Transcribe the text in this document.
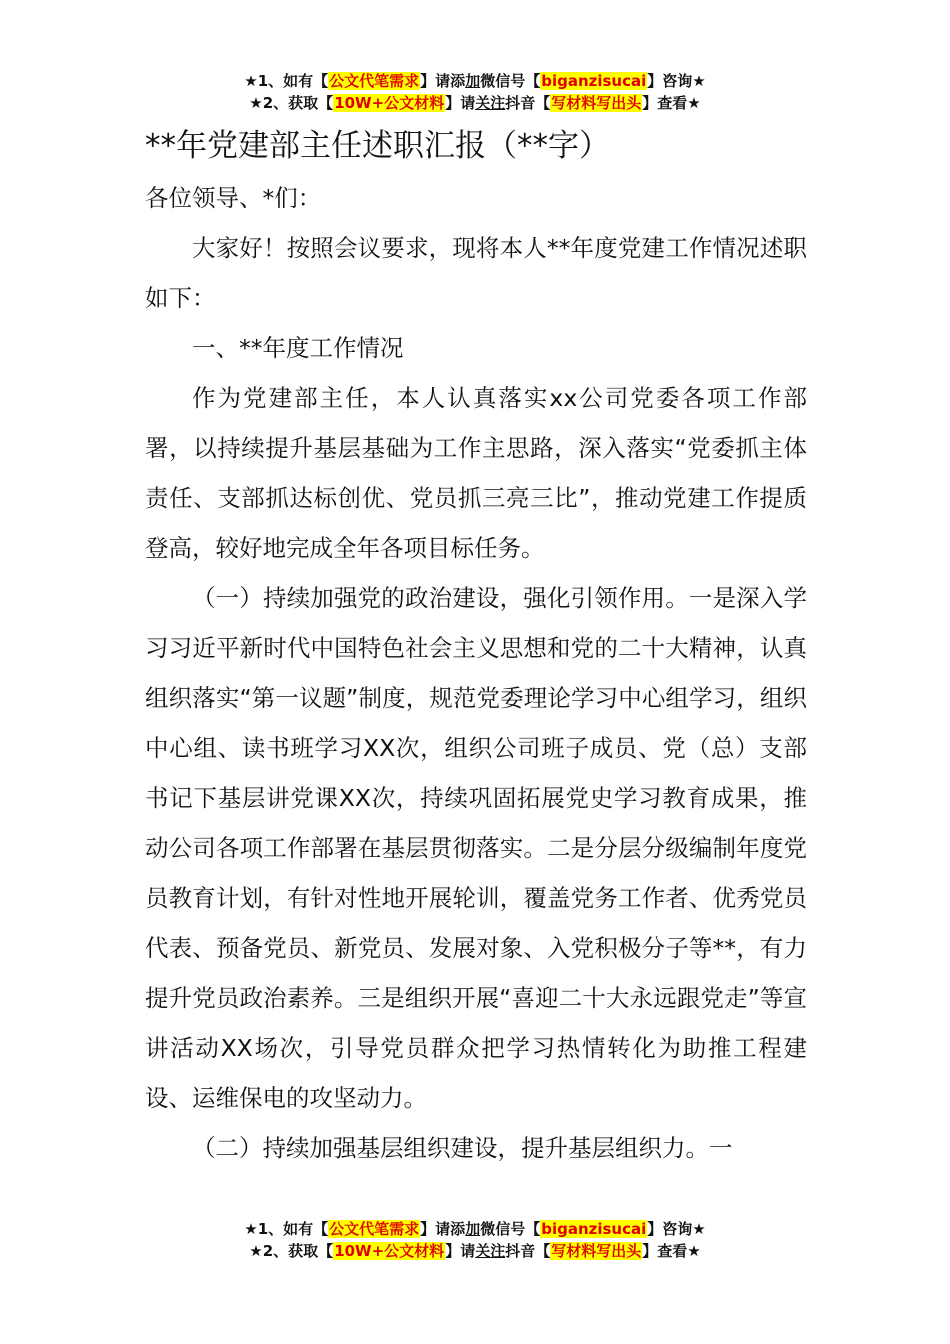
★1、如有【公文代笔需求】请添加微信号【biganzisucai】咨询★
★2、获取【10W+公文材料】请关注抖音【写材料写出头】查看★
**年党建部主任述职汇报（**字）

各位领导、*们：

大家好！按照会议要求，现将本人**年度党建工作情况述职如下：

一、**年度工作情况

作为党建部主任，本人认真落实xx公司党委各项工作部署，以持续提升基层基础为工作主思路，深入落实“党委抓主体责任、支部抓达标创优、党员抓三亮三比”，推动党建工作提质登高，较好地完成全年各项目标任务。

（一）持续加强党的政治建设，强化引领作用。一是深入学习习近平新时代中国特色社会主义思想和党的二十大精神，认真组织落实“第一议题”制度，规范党委理论学习中心组学习，组织中心组、读书班学习XX次，组织公司班子成员、党（总）支部书记下基层讲党课XX次，持续巩固拓展党史学习教育成果，推动公司各项工作部署在基层贯彻落实。二是分层分级编制年度党员教育计划，有针对性地开展轮训，覆盖党务工作者、优秀党员代表、预备党员、新党员、发展对象、入党积极分子等**，有力提升党员政治素养。三是组织开展“喜迎二十大永远跟党走”等宣讲活动XX场次，引导党员群众把学习热情转化为助推工程建设、运维保电的攻坚动力。

（二）持续加强基层组织建设，提升基层组织力。一

★1、如有【公文代笔需求】请添加微信号【biganzisucai】咨询★
★2、获取【10W+公文材料】请关注抖音【写材料写出头】查看★
